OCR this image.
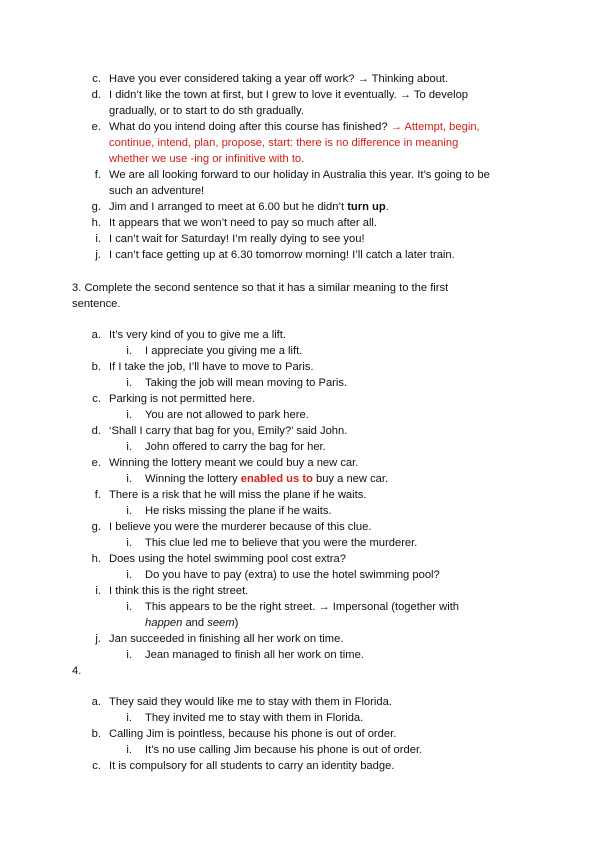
c. Have you ever considered taking a year off work? → Thinking about.
d. I didn’t like the town at first, but I grew to love it eventually. → To develop
gradually, or to start to do sth gradually.
e. What do you intend doing after this course has finished? → Attempt, begin,
continue, intend, plan, propose, start: there is no difference in meaning
whether we use -ing or infinitive with to.
f. We are all looking forward to our holiday in Australia this year. It’s going to be
such an adventure!
g. Jim and I arranged to meet at 6.00 but he didn’t turn up.
h. It appears that we won’t need to pay so much after all.
i. I can’t wait for Saturday! I’m really dying to see you!
j. I can’t face getting up at 6.30 tomorrow morning! I’ll catch a later train.
3. Complete the second sentence so that it has a similar meaning to the first
sentence.
a. It’s very kind of you to give me a lift.
i. I appreciate you giving me a lift.
b. If I take the job, I’ll have to move to Paris.
i. Taking the job will mean moving to Paris.
c. Parking is not permitted here.
i. You are not allowed to park here.
d. ‘Shall I carry that bag for you, Emily?’ said John.
i. John offered to carry the bag for her.
e. Winning the lottery meant we could buy a new car.
i. Winning the lottery enabled us to buy a new car.
f. There is a risk that he will miss the plane if he waits.
i. He risks missing the plane if he waits.
g. I believe you were the murderer because of this clue.
i. This clue led me to believe that you were the murderer.
h. Does using the hotel swimming pool cost extra?
i. Do you have to pay (extra) to use the hotel swimming pool?
i. I think this is the right street.
i. This appears to be the right street. → Impersonal (together with
happen and seem)
j. Jan succeeded in finishing all her work on time.
i. Jean managed to finish all her work on time.
4.
a. They said they would like me to stay with them in Florida.
i. They invited me to stay with them in Florida.
b. Calling Jim is pointless, because his phone is out of order.
i. It’s no use calling Jim because his phone is out of order.
c. It is compulsory for all students to carry an identity badge.
